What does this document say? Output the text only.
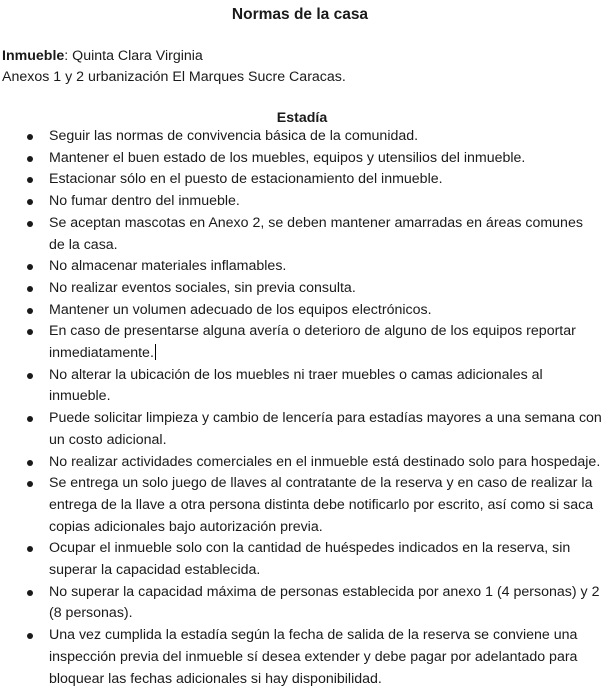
Normas de la casa
Inmueble: Quinta Clara Virginia
Anexos 1 y 2 urbanización El Marques Sucre Caracas.
Estadía
Seguir las normas de convivencia básica de la comunidad.
Mantener el buen estado de los muebles, equipos y utensilios del inmueble.
Estacionar sólo en el puesto de estacionamiento del inmueble.
No fumar dentro del inmueble.
Se aceptan mascotas en Anexo 2, se deben mantener amarradas en áreas comunes de la casa.
No almacenar materiales inflamables.
No realizar eventos sociales, sin previa consulta.
Mantener un volumen adecuado de los equipos electrónicos.
En caso de presentarse alguna avería o deterioro de alguno de los equipos reportar inmediatamente.
No alterar la ubicación de los muebles ni traer muebles o camas adicionales al inmueble.
Puede solicitar limpieza y cambio de lencería para estadías mayores a una semana con un costo adicional.
No realizar actividades comerciales en el inmueble está destinado solo para hospedaje.
Se entrega un solo juego de llaves al contratante de la reserva y en caso de realizar la entrega de la llave a otra persona distinta debe notificarlo por escrito, así como si saca copias adicionales bajo autorización previa.
Ocupar el inmueble solo con la cantidad de huéspedes indicados en la reserva, sin superar la capacidad establecida.
No superar la capacidad máxima de personas establecida por anexo 1 (4 personas) y 2 (8 personas).
Una vez cumplida la estadía según la fecha de salida de la reserva se conviene una inspección previa del inmueble sí desea extender y debe pagar por adelantado para bloquear las fechas adicionales si hay disponibilidad.
